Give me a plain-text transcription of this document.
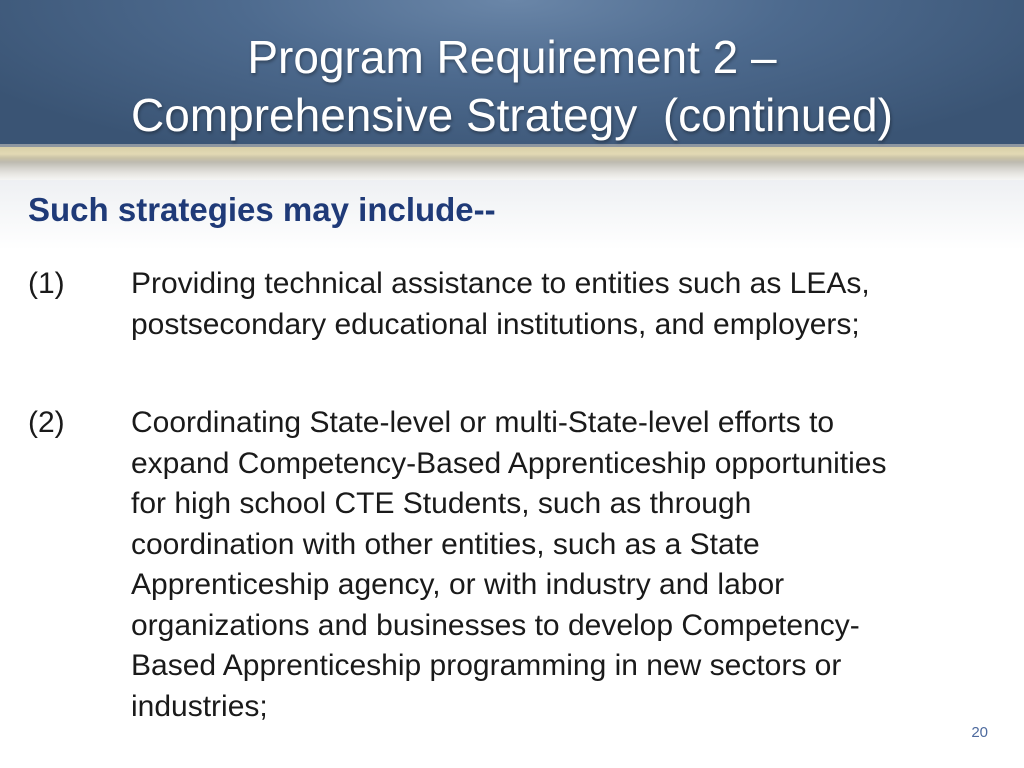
Program Requirement 2 –
Comprehensive Strategy  (continued)
Such strategies may include--
(1)	Providing technical assistance to entities such as LEAs,
postsecondary educational institutions, and employers;
(2)	Coordinating State-level or multi-State-level efforts to
expand Competency-Based Apprenticeship opportunities
for high school CTE Students, such as through
coordination with other entities, such as a State
Apprenticeship agency, or with industry and labor
organizations and businesses to develop Competency-
Based Apprenticeship programming in new sectors or
industries;
20
